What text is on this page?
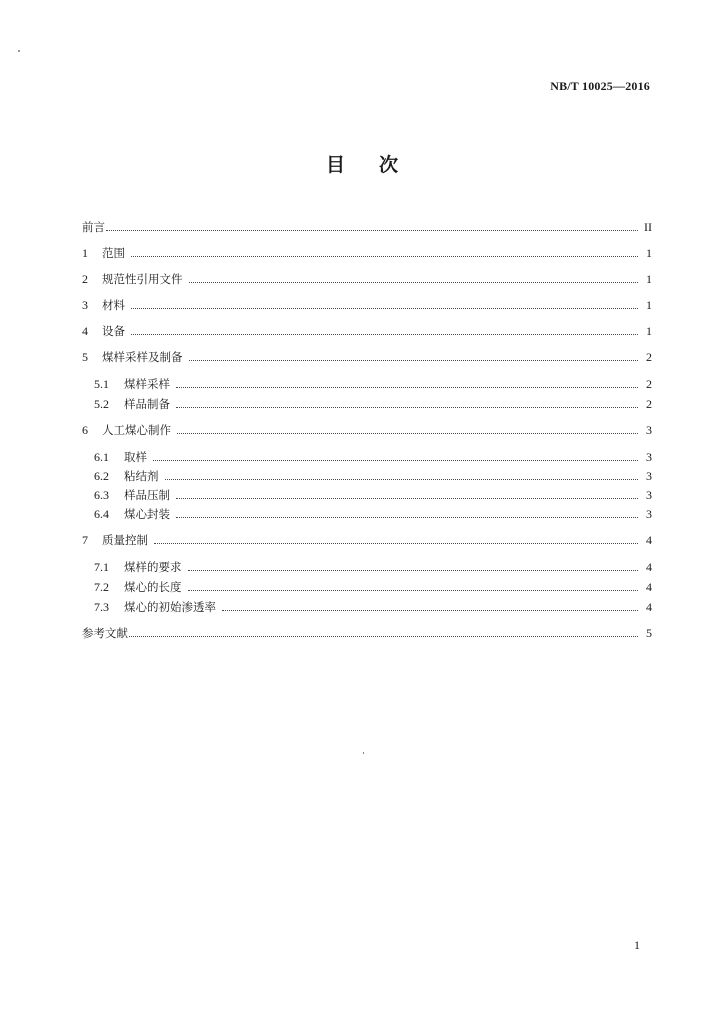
NB/T 10025—2016
目次
前言	II
1	范围	1
2	规范性引用文件	1
3	材料	1
4	设备	1
5	煤样采样及制备	2
5.1	煤样采样	2
5.2	样品制备	2
6	人工煤心制作	3
6.1	取样	3
6.2	粘结剂	3
6.3	样品压制	3
6.4	煤心封装	3
7	质量控制	4
7.1	煤样的要求	4
7.2	煤心的长度	4
7.3	煤心的初始渗透率	4
参考文献	5
1
